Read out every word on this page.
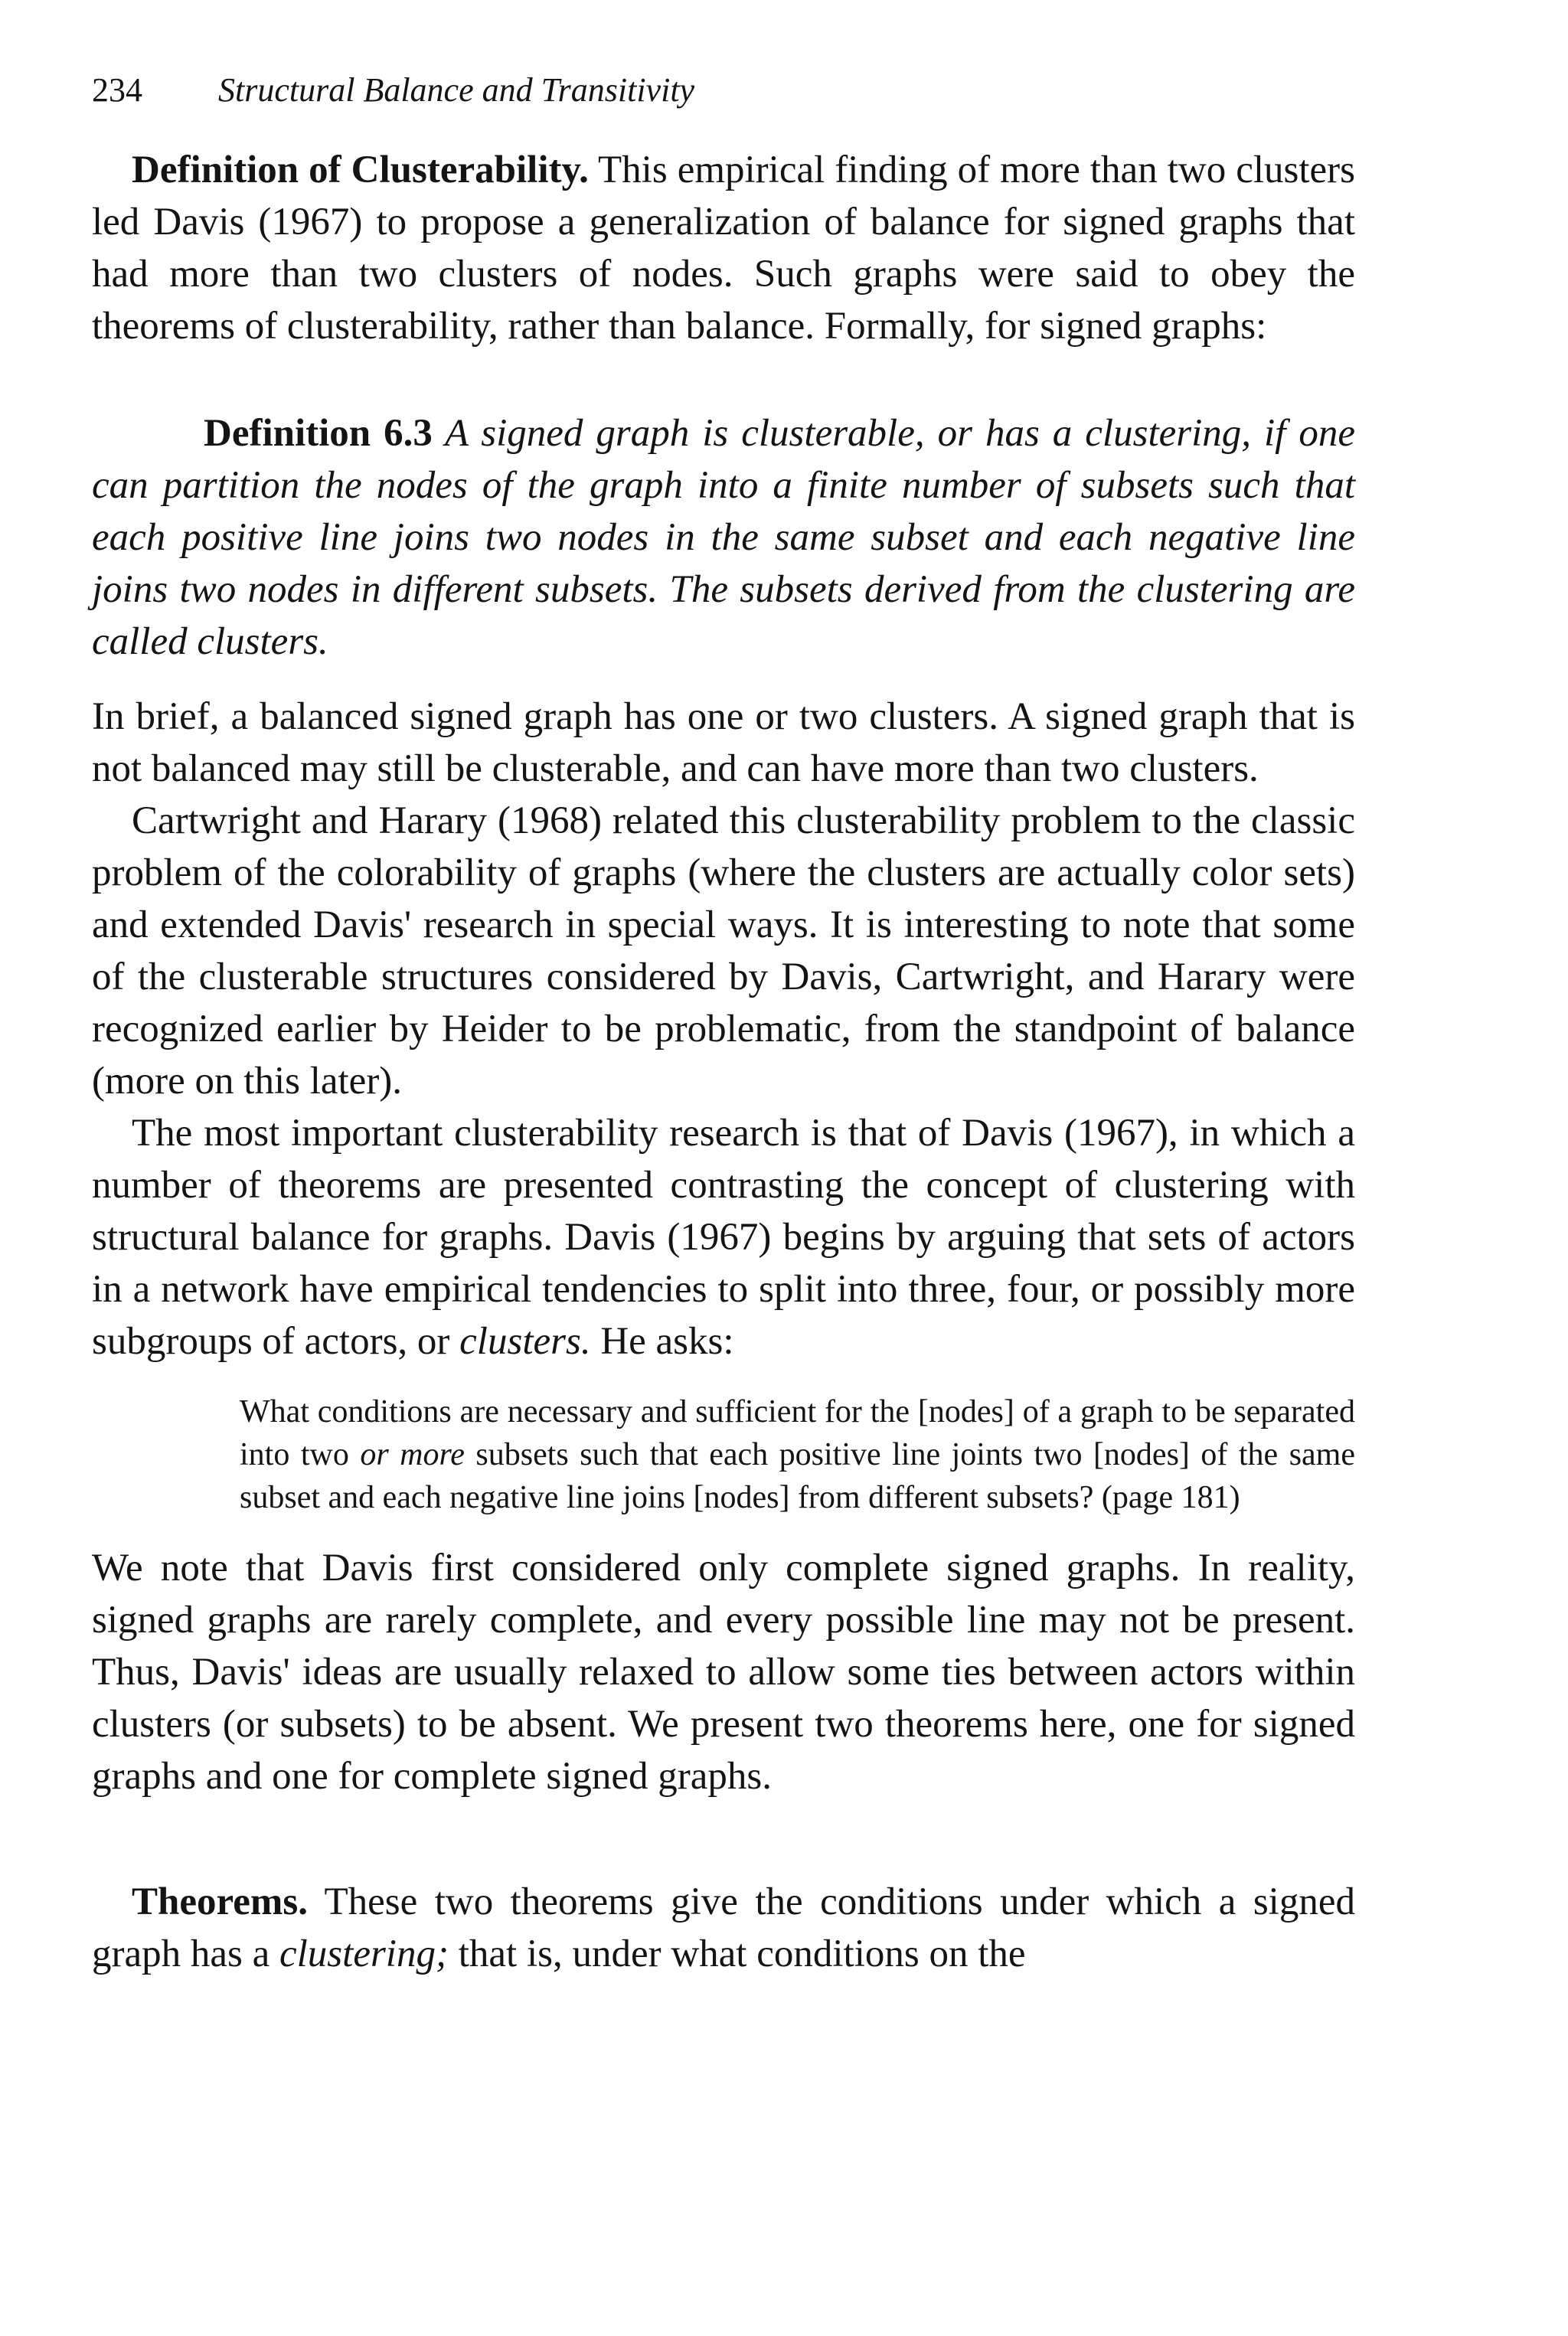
234 Structural Balance and Transitivity

Definition of Clusterability. This empirical finding of more than two clusters led Davis (1967) to propose a generalization of balance for signed graphs that had more than two clusters of nodes. Such graphs were said to obey the theorems of clusterability, rather than balance. Formally, for signed graphs:

Definition 6.3 A signed graph is clusterable, or has a clustering, if one can partition the nodes of the graph into a finite number of subsets such that each positive line joins two nodes in the same subset and each negative line joins two nodes in different subsets. The subsets derived from the clustering are called clusters.

In brief, a balanced signed graph has one or two clusters. A signed graph that is not balanced may still be clusterable, and can have more than two clusters.

Cartwright and Harary (1968) related this clusterability problem to the classic problem of the colorability of graphs (where the clusters are actually color sets) and extended Davis' research in special ways. It is interesting to note that some of the clusterable structures considered by Davis, Cartwright, and Harary were recognized earlier by Heider to be problematic, from the standpoint of balance (more on this later).

The most important clusterability research is that of Davis (1967), in which a number of theorems are presented contrasting the concept of clustering with structural balance for graphs. Davis (1967) begins by arguing that sets of actors in a network have empirical tendencies to split into three, four, or possibly more subgroups of actors, or clusters. He asks:

What conditions are necessary and sufficient for the [nodes] of a graph to be separated into two or more subsets such that each positive line joints two [nodes] of the same subset and each negative line joins [nodes] from different subsets? (page 181)

We note that Davis first considered only complete signed graphs. In reality, signed graphs are rarely complete, and every possible line may not be present. Thus, Davis' ideas are usually relaxed to allow some ties between actors within clusters (or subsets) to be absent. We present two theorems here, one for signed graphs and one for complete signed graphs.

Theorems. These two theorems give the conditions under which a signed graph has a clustering; that is, under what conditions on the
